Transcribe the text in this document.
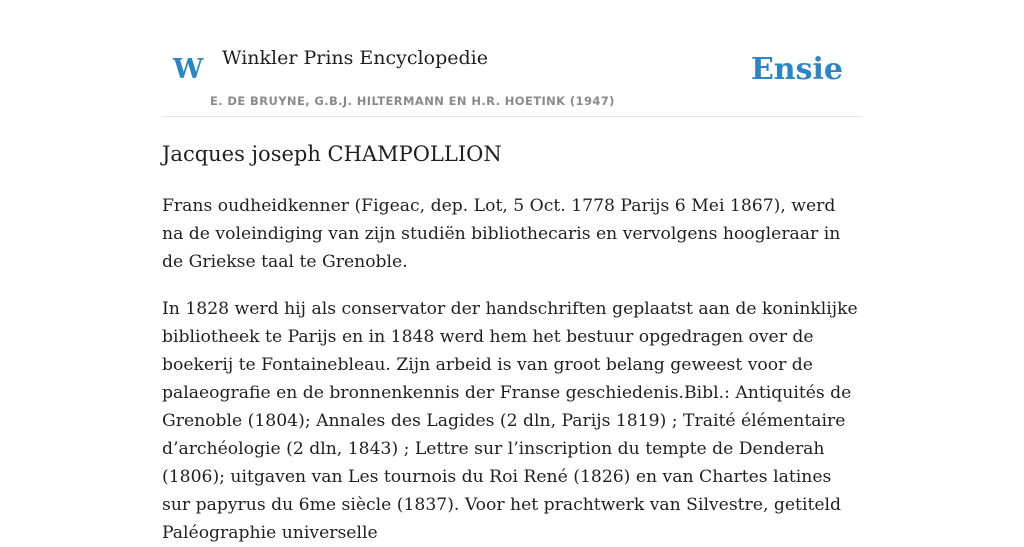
W Winkler Prins Encyclopedie
E. DE BRUYNE, G.B.J. HILTERMANN EN H.R. HOETINK (1947)
Ensie
Jacques joseph CHAMPOLLION

Frans oudheidkenner (Figeac, dep. Lot, 5 Oct. 1778 Parijs 6 Mei 1867), werd na de voleindiging van zijn studiën bibliothecaris en vervolgens hoogleraar in de Griekse taal te Grenoble.

In 1828 werd hij als conservator der handschriften geplaatst aan de koninklijke bibliotheek te Parijs en in 1848 werd hem het bestuur opgedragen over de boekerij te Fontainebleau. Zijn arbeid is van groot belang geweest voor de palaeografie en de bronnenkennis der Franse geschiedenis.Bibl.: Antiquités de Grenoble (1804); Annales des Lagides (2 dln, Parijs 1819) ; Traité élémentaire d’archéologie (2 dln, 1843) ; Lettre sur l’inscription du tempte de Denderah (1806); uitgaven van Les tournois du Roi René (1826) en van Chartes latines sur papyrus du 6me siècle (1837). Voor het prachtwerk van Silvestre, getiteld Paléographie universelle
